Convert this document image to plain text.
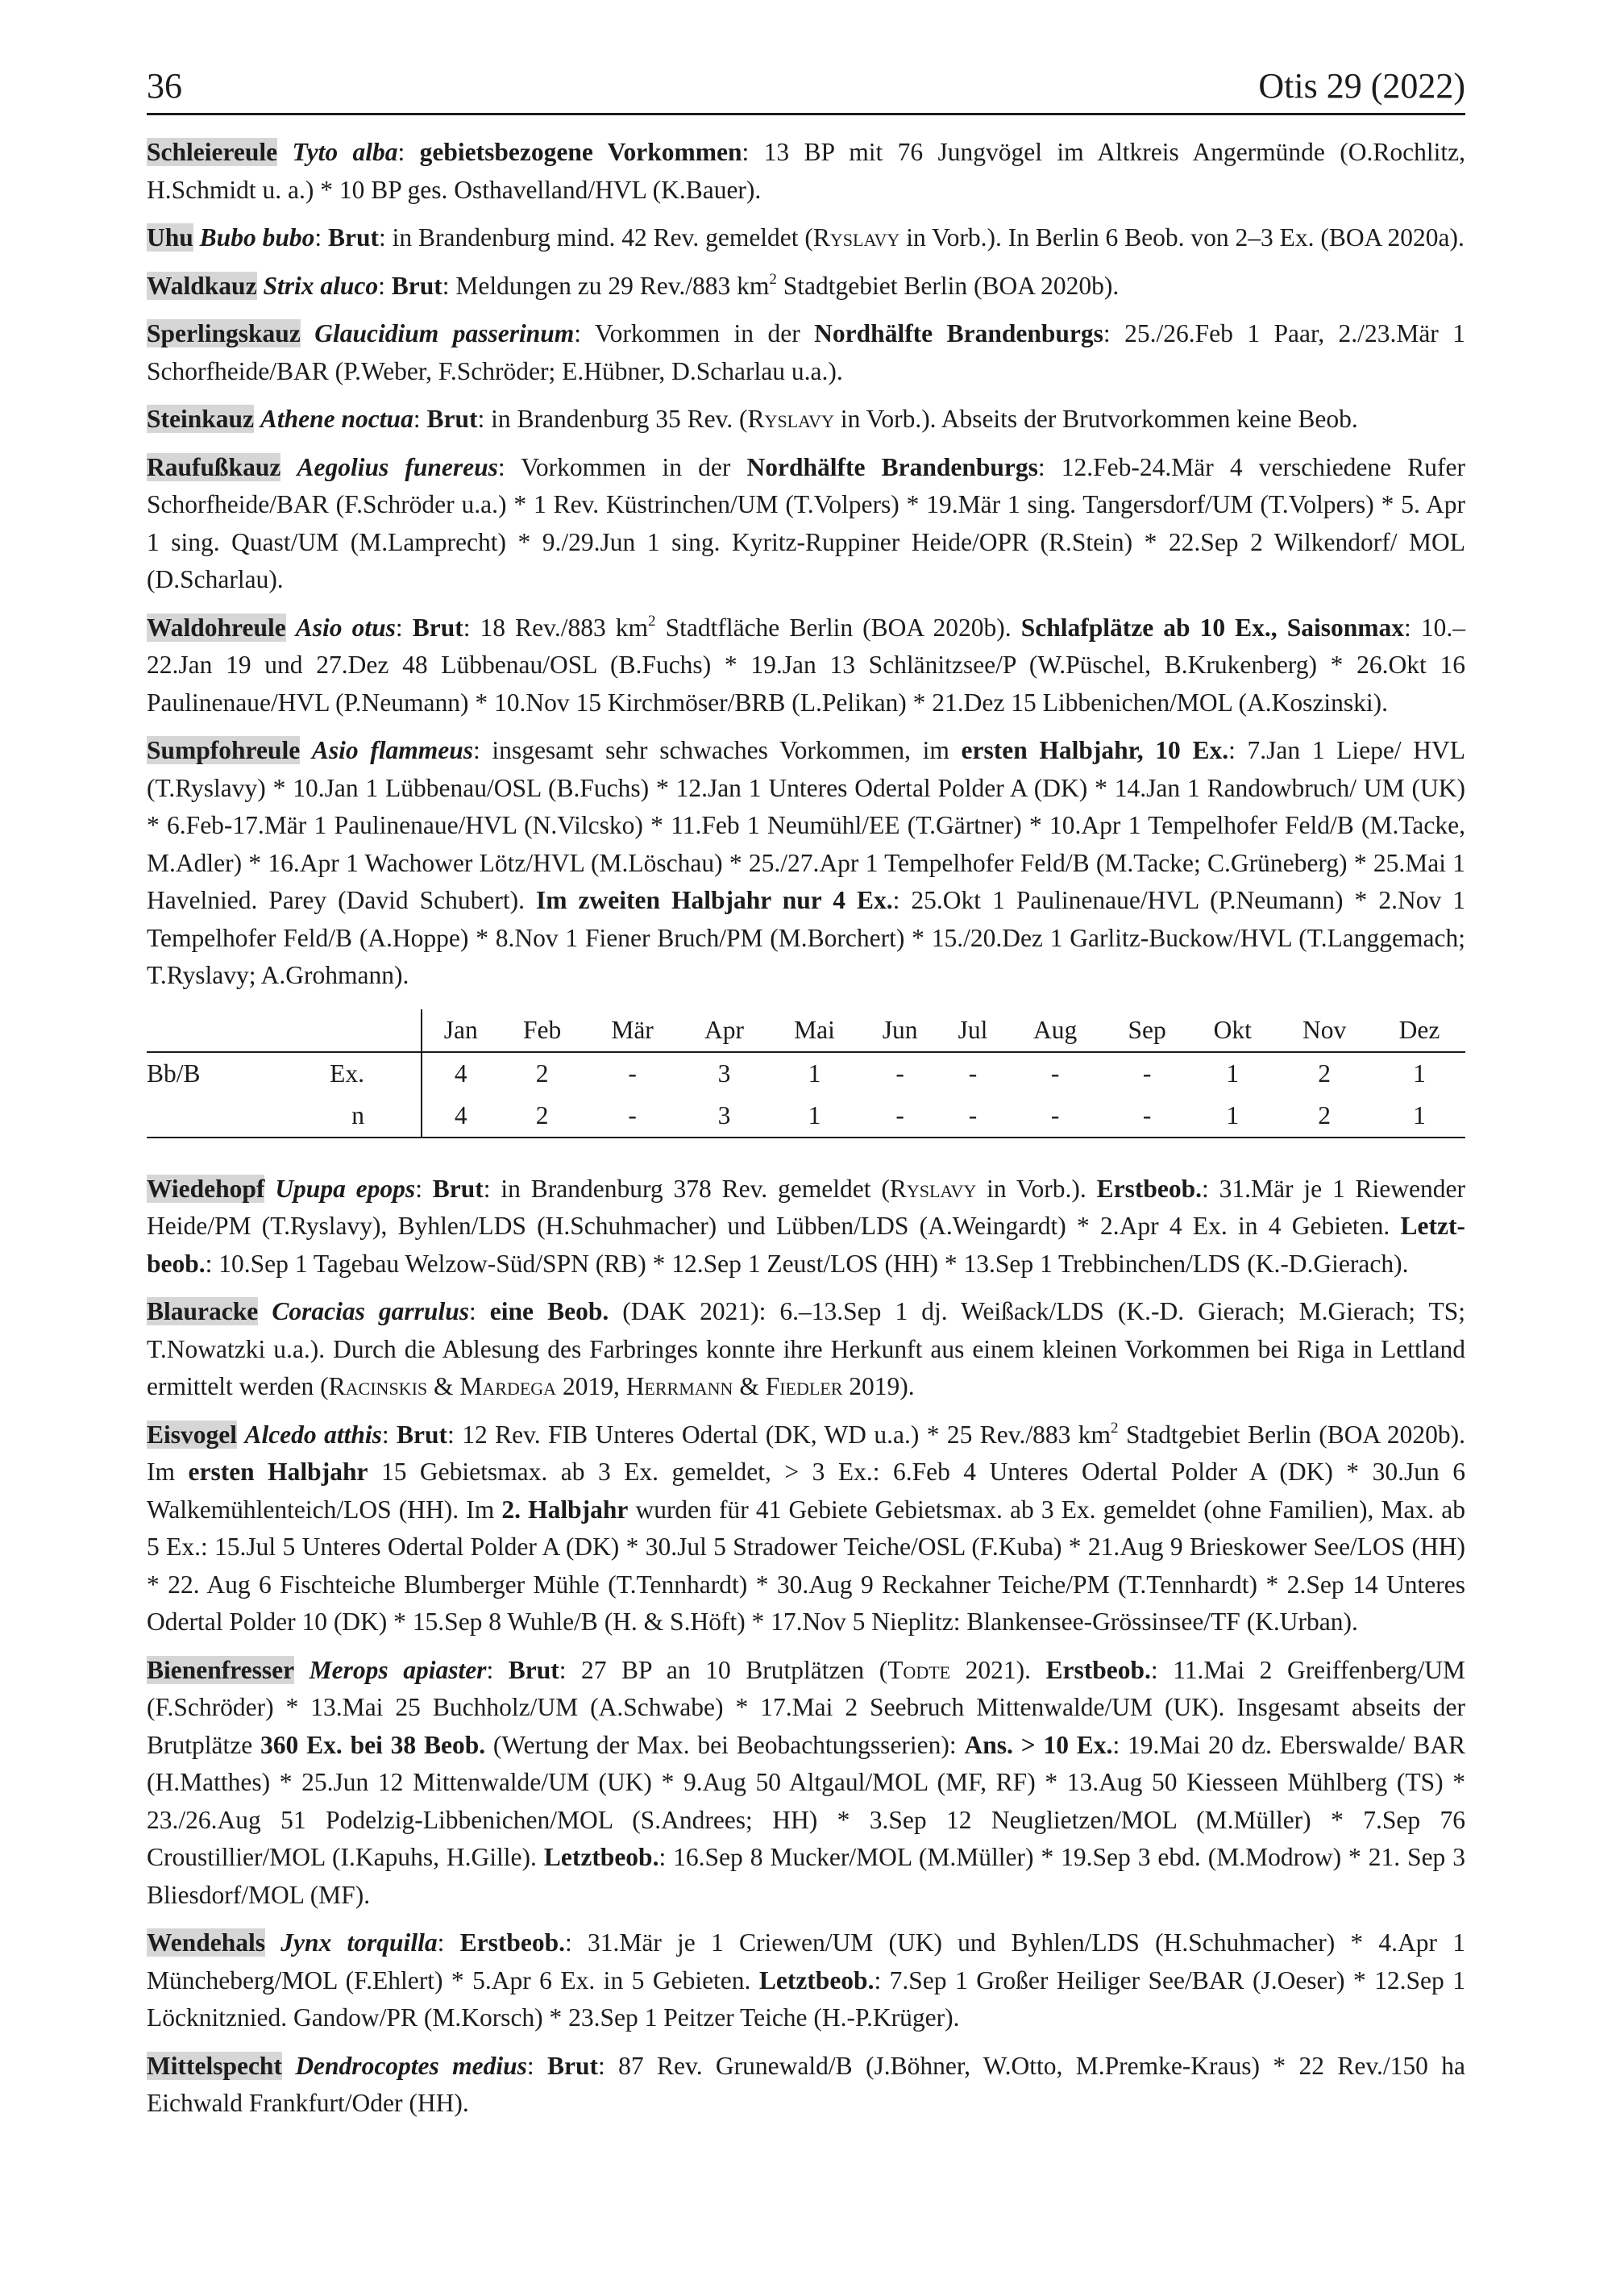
36	Otis 29 (2022)

Schleiereule Tyto alba: gebietsbezogene Vorkommen: 13 BP mit 76 Jungvögel im Altkreis Angermünde (O.Rochlitz, H.Schmidt u. a.) * 10 BP ges. Osthavelland/HVL (K.Bauer).

Uhu Bubo bubo: Brut: in Brandenburg mind. 42 Rev. gemeldet (Ryslavy in Vorb.). In Berlin 6 Beob. von 2–3 Ex. (BOA 2020a).

Waldkauz Strix aluco: Brut: Meldungen zu 29 Rev./883 $km^2$ Stadtgebiet Berlin (BOA 2020b).

Sperlingskauz Glaucidium passerinum: Vorkommen in der Nordhälfte Brandenburgs: 25./26.Feb 1 Paar, 2./23.Mär 1 Schorfheide/BAR (P.Weber, F.Schröder; E.Hübner, D.Scharlau u.a.).

Steinkauz Athene noctua: Brut: in Brandenburg 35 Rev. (Ryslavy in Vorb.). Abseits der Brutvorkommen keine Beob.

Raufußkauz Aegolius funereus: Vorkommen in der Nordhälfte Brandenburgs: 12.Feb-24.Mär 4 verschiedene Rufer Schorfheide/BAR (F.Schröder u.a.) * 1 Rev. Küstrinchen/UM (T.Volpers) * 19.Mär 1 sing. Tangersdorf/UM (T.Volpers) * 5. Apr 1 sing. Quast/UM (M.Lamprecht) * 9./29.Jun 1 sing. Kyritz-Ruppiner Heide/OPR (R.Stein) * 22.Sep 2 Wilkendorf/ MOL (D.Scharlau).

Waldohreule Asio otus: Brut: 18 Rev./883 $km^2$ Stadtfläche Berlin (BOA 2020b). Schlafplätze ab 10 Ex., Saisonmax: 10.–22.Jan 19 und 27.Dez 48 Lübbenau/OSL (B.Fuchs) * 19.Jan 13 Schlänitzsee/P (W.Püschel, B.Krukenberg) * 26.Okt 16 Paulinenaue/HVL (P.Neumann) * 10.Nov 15 Kirchmöser/BRB (L.Pelikan) * 21.Dez 15 Libbenichen/MOL (A.Koszinski).

Sumpfohreule Asio flammeus: insgesamt sehr schwaches Vorkommen, im ersten Halbjahr, 10 Ex.: 7.Jan 1 Liepe/ HVL (T.Ryslavy) * 10.Jan 1 Lübbenau/OSL (B.Fuchs) * 12.Jan 1 Unteres Odertal Polder A (DK) * 14.Jan 1 Randowbruch/ UM (UK) * 6.Feb-17.Mär 1 Paulinenaue/HVL (N.Vilcsko) * 11.Feb 1 Neumühl/EE (T.Gärtner) * 10.Apr 1 Tempelhofer Feld/B (M.Tacke, M.Adler) * 16.Apr 1 Wachower Lötz/HVL (M.Löschau) * 25./27.Apr 1 Tempelhofer Feld/B (M.Tacke; C.Grüneberg) * 25.Mai 1 Havelnied. Parey (David Schubert). Im zweiten Halbjahr nur 4 Ex.: 25.Okt 1 Paulinenaue/HVL (P.Neumann) * 2.Nov 1 Tempelhofer Feld/B (A.Hoppe) * 8.Nov 1 Fiener Bruch/PM (M.Borchert) * 15./20.Dez 1 Garlitz-Buckow/HVL (T.Langgemach; T.Ryslavy; A.Grohmann).

		Jan	Feb	Mär	Apr	Mai	Jun	Jul	Aug	Sep	Okt	Nov	Dez
Bb/B	Ex.	4	2	-	3	1	-	-	-	-	1	2	1
	n	4	2	-	3	1	-	-	-	-	1	2	1

Wiedehopf Upupa epops: Brut: in Brandenburg 378 Rev. gemeldet (Ryslavy in Vorb.). Erstbeob.: 31.Mär je 1 Riewender Heide/PM (T.Ryslavy), Byhlen/LDS (H.Schuhmacher) und Lübben/LDS (A.Weingardt) * 2.Apr 4 Ex. in 4 Gebieten. Letzt-beob.: 10.Sep 1 Tagebau Welzow-Süd/SPN (RB) * 12.Sep 1 Zeust/LOS (HH) * 13.Sep 1 Trebbinchen/LDS (K.-D.Gierach).

Blauracke Coracias garrulus: eine Beob. (DAK 2021): 6.–13.Sep 1 dj. Weißack/LDS (K.-D. Gierach; M.Gierach; TS; T.Nowatzki u.a.). Durch die Ablesung des Farbringes konnte ihre Herkunft aus einem kleinen Vorkommen bei Riga in Lettland ermittelt werden (Racinskis & Mardega 2019, Herrmann & Fiedler 2019).

Eisvogel Alcedo atthis: Brut: 12 Rev. FIB Unteres Odertal (DK, WD u.a.) * 25 Rev./883 $km^2$ Stadtgebiet Berlin (BOA 2020b). Im ersten Halbjahr 15 Gebietsmax. ab 3 Ex. gemeldet, > 3 Ex.: 6.Feb 4 Unteres Odertal Polder A (DK) * 30.Jun 6 Walkemühlenteich/LOS (HH). Im 2. Halbjahr wurden für 41 Gebiete Gebietsmax. ab 3 Ex. gemeldet (ohne Familien), Max. ab 5 Ex.: 15.Jul 5 Unteres Odertal Polder A (DK) * 30.Jul 5 Stradower Teiche/OSL (F.Kuba) * 21.Aug 9 Brieskower See/LOS (HH) * 22. Aug 6 Fischteiche Blumberger Mühle (T.Tennhardt) * 30.Aug 9 Reckahner Teiche/PM (T.Tennhardt) * 2.Sep 14 Unteres Odertal Polder 10 (DK) * 15.Sep 8 Wuhle/B (H. & S.Höft) * 17.Nov 5 Nieplitz: Blankensee-Grössinsee/TF (K.Urban).

Bienenfresser Merops apiaster: Brut: 27 BP an 10 Brutplätzen (Todte 2021). Erstbeob.: 11.Mai 2 Greiffenberg/UM (F.Schröder) * 13.Mai 25 Buchholz/UM (A.Schwabe) * 17.Mai 2 Seebruch Mittenwalde/UM (UK). Insgesamt abseits der Brutplätze 360 Ex. bei 38 Beob. (Wertung der Max. bei Beobachtungsserien): Ans. > 10 Ex.: 19.Mai 20 dz. Eberswalde/ BAR (H.Matthes) * 25.Jun 12 Mittenwalde/UM (UK) * 9.Aug 50 Altgaul/MOL (MF, RF) * 13.Aug 50 Kiesseen Mühlberg (TS) * 23./26.Aug 51 Podelzig-Libbenichen/MOL (S.Andrees; HH) * 3.Sep 12 Neuglietzen/MOL (M.Müller) * 7.Sep 76 Croustillier/MOL (I.Kapuhs, H.Gille). Letztbeob.: 16.Sep 8 Mucker/MOL (M.Müller) * 19.Sep 3 ebd. (M.Modrow) * 21. Sep 3 Bliesdorf/MOL (MF).

Wendehals Jynx torquilla: Erstbeob.: 31.Mär je 1 Criewen/UM (UK) und Byhlen/LDS (H.Schuhmacher) * 4.Apr 1 Müncheberg/MOL (F.Ehlert) * 5.Apr 6 Ex. in 5 Gebieten. Letztbeob.: 7.Sep 1 Großer Heiliger See/BAR (J.Oeser) * 12.Sep 1 Löcknitznied. Gandow/PR (M.Korsch) * 23.Sep 1 Peitzer Teiche (H.-P.Krüger).

Mittelspecht Dendrocoptes medius: Brut: 87 Rev. Grunewald/B (J.Böhner, W.Otto, M.Premke-Kraus) * 22 Rev./150 ha Eichwald Frankfurt/Oder (HH).
